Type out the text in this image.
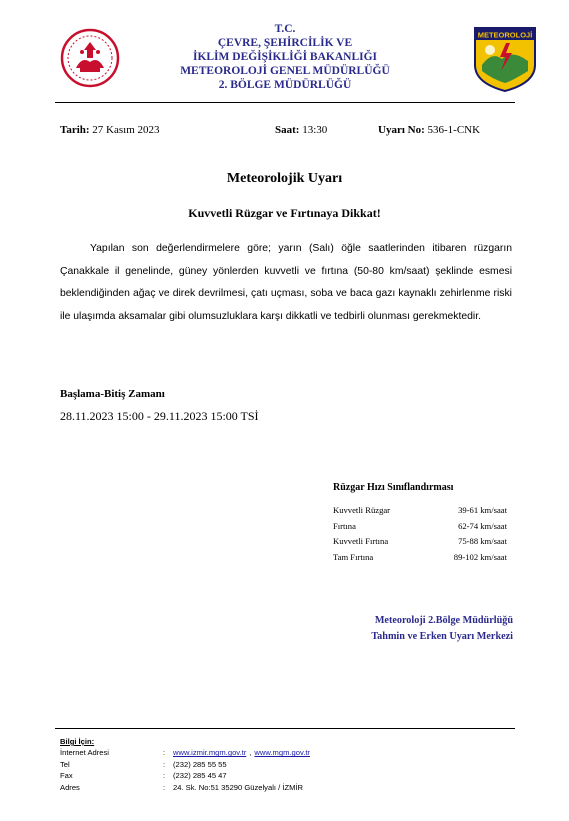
T.C.
ÇEVRE, ŞEHİRCİLİK VE
İKLİM DEĞİŞİKLİĞİ BAKANLIĞI
METEOROLOJİ GENEL MÜDÜRLÜĞÜ
2. BÖLGE MÜDÜRLÜĞÜ
METEOROLOJİ
Tarih: 27 Kasım 2023	Saat: 13:30	Uyarı No: 536-1-CNK
Meteorolojik Uyarı
Kuvvetli Rüzgar ve Fırtınaya Dikkat!
Yapılan son değerlendirmelere göre; yarın (Salı) öğle saatlerinden itibaren rüzgarın Çanakkale il genelinde, güney yönlerden kuvvetli ve fırtına (50-80 km/saat) şeklinde esmesi beklendiğinden ağaç ve direk devrilmesi, çatı uçması, soba ve baca gazı kaynaklı zehirlenme riski ile ulaşımda aksamalar gibi olumsuzluklara karşı dikkatli ve tedbirli olunması gerekmektedir.
Başlama-Bitiş Zamanı
28.11.2023 15:00 - 29.11.2023 15:00 TSİ
Rüzgar Hızı Sınıflandırması
Kuvvetli Rüzgar	39-61 km/saat
Fırtına	62-74 km/saat
Kuvvetli Fırtına	75-88 km/saat
Tam Fırtına	89-102 km/saat
Meteoroloji 2.Bölge Müdürlüğü
Tahmin ve Erken Uyarı Merkezi
Bilgi İçin:
İnternet Adresi	:	www.izmir.mgm.gov.tr , www.mgm.gov.tr
Tel	:	(232) 285 55 55
Fax	:	(232) 285 45 47
Adres	:	24. Sk. No:51 35290 Güzelyalı / İZMİR
